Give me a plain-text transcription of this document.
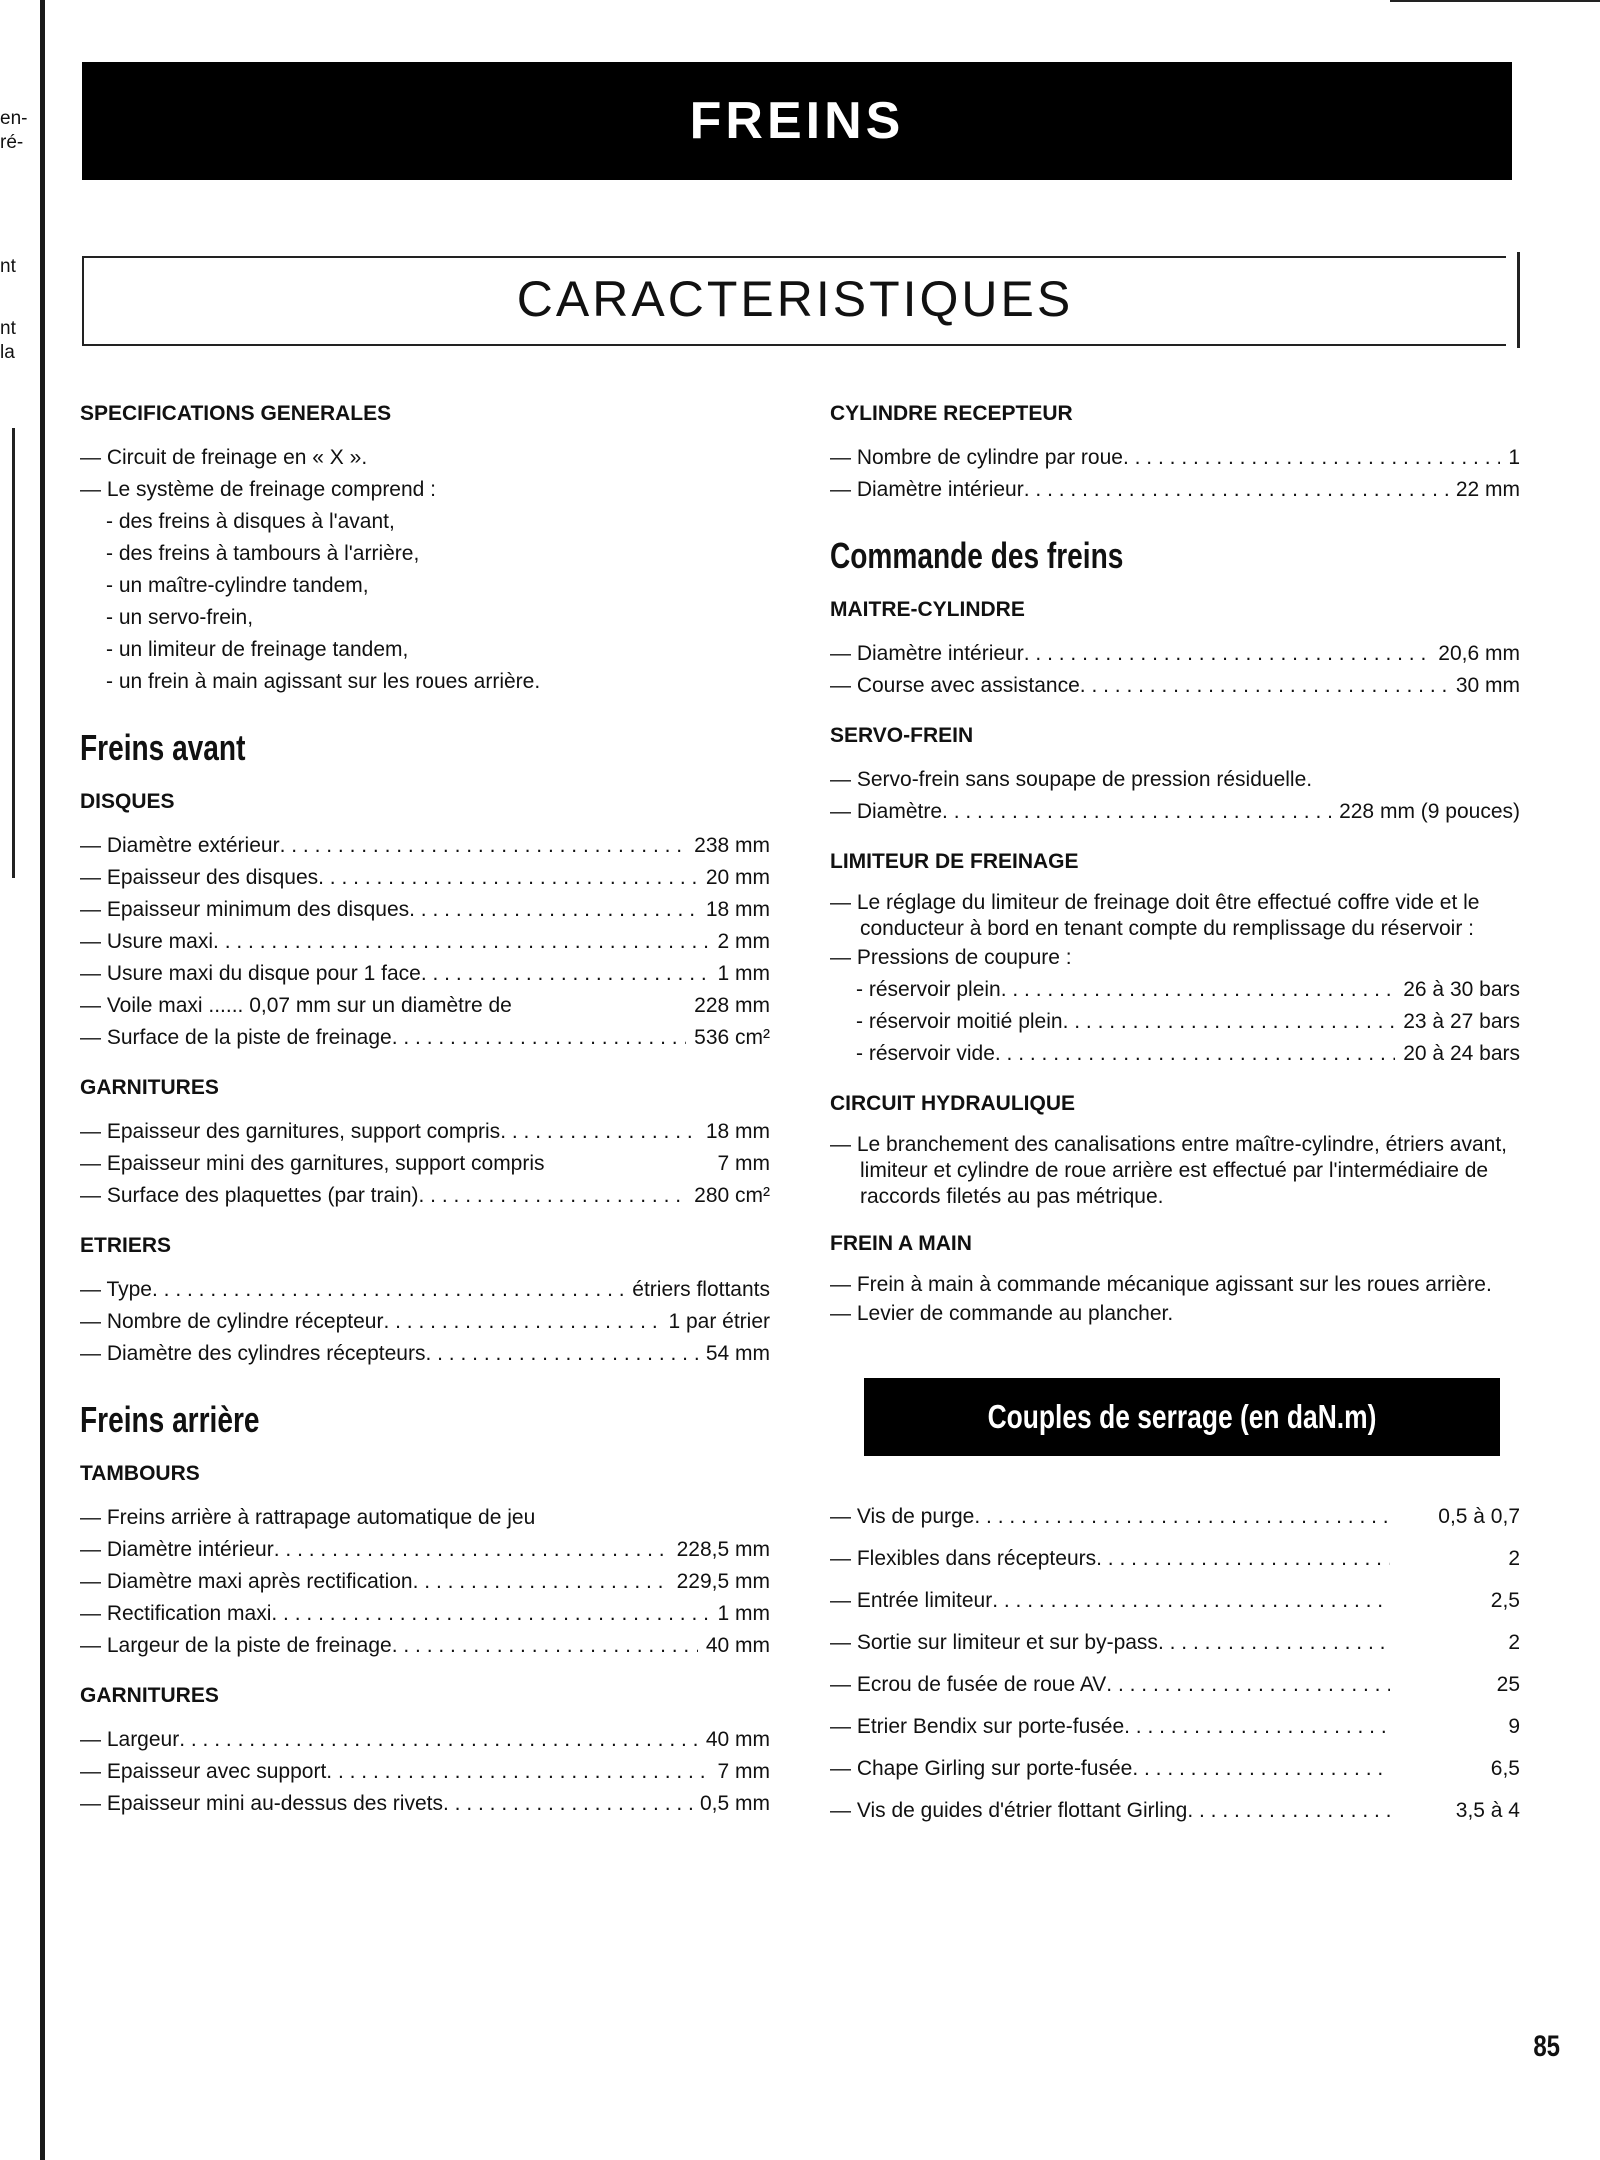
en-
ré-
nt
nt
la
FREINS
CARACTERISTIQUES
SPECIFICATIONS GENERALES
— Circuit de freinage en « X ».
— Le système de freinage comprend :
- des freins à disques à l'avant,
- des freins à tambours à l'arrière,
- un maître-cylindre tandem,
- un servo-frein,
- un limiteur de freinage tandem,
- un frein à main agissant sur les roues arrière.
Freins avant
DISQUES
— Diamètre extérieur . . .	238 mm
— Epaisseur des disques . . .	20 mm
— Epaisseur minimum des disques . . .	18 mm
— Usure maxi . . .	2 mm
— Usure maxi du disque pour 1 face . . .	1 mm
— Voile maxi ...... 0,07 mm sur un diamètre de	228 mm
— Surface de la piste de freinage . . .	536 cm²
GARNITURES
— Epaisseur des garnitures, support compris . . .	18 mm
— Epaisseur mini des garnitures, support compris	7 mm
— Surface des plaquettes (par train) . . .	280 cm²
ETRIERS
— Type . . .	étriers flottants
— Nombre de cylindre récepteur . . .	1 par étrier
— Diamètre des cylindres récepteurs . . .	54 mm
Freins arrière
TAMBOURS
— Freins arrière à rattrapage automatique de jeu
— Diamètre intérieur . . .	228,5 mm
— Diamètre maxi après rectification . . .	229,5 mm
— Rectification maxi . . .	1 mm
— Largeur de la piste de freinage . . .	40 mm
GARNITURES
— Largeur . . .	40 mm
— Epaisseur avec support . . .	7 mm
— Epaisseur mini au-dessus des rivets . . .	0,5 mm
CYLINDRE RECEPTEUR
— Nombre de cylindre par roue . . .	1
— Diamètre intérieur . . .	22 mm
Commande des freins
MAITRE-CYLINDRE
— Diamètre intérieur . . .	20,6 mm
— Course avec assistance . . .	30 mm
SERVO-FREIN
— Servo-frein sans soupape de pression résiduelle.
— Diamètre . . .	228 mm (9 pouces)
LIMITEUR DE FREINAGE
— Le réglage du limiteur de freinage doit être effectué coffre vide et le conducteur à bord en tenant compte du remplissage du réservoir :
— Pressions de coupure :
- réservoir plein . . .	26 à 30 bars
- réservoir moitié plein . . .	23 à 27 bars
- réservoir vide . . .	20 à 24 bars
CIRCUIT HYDRAULIQUE
— Le branchement des canalisations entre maître-cylindre, étriers avant, limiteur et cylindre de roue arrière est effectué par l'intermédiaire de raccords filetés au pas métrique.
FREIN A MAIN
— Frein à main à commande mécanique agissant sur les roues arrière.
— Levier de commande au plancher.
Couples de serrage (en daN.m)
— Vis de purge . . .	0,5 à 0,7
— Flexibles dans récepteurs . . .	2
— Entrée limiteur . . .	2,5
— Sortie sur limiteur et sur by-pass . . .	2
— Ecrou de fusée de roue AV . . .	25
— Etrier Bendix sur porte-fusée . . .	9
— Chape Girling sur porte-fusée . . .	6,5
— Vis de guides d'étrier flottant Girling . . .	3,5 à 4
85
